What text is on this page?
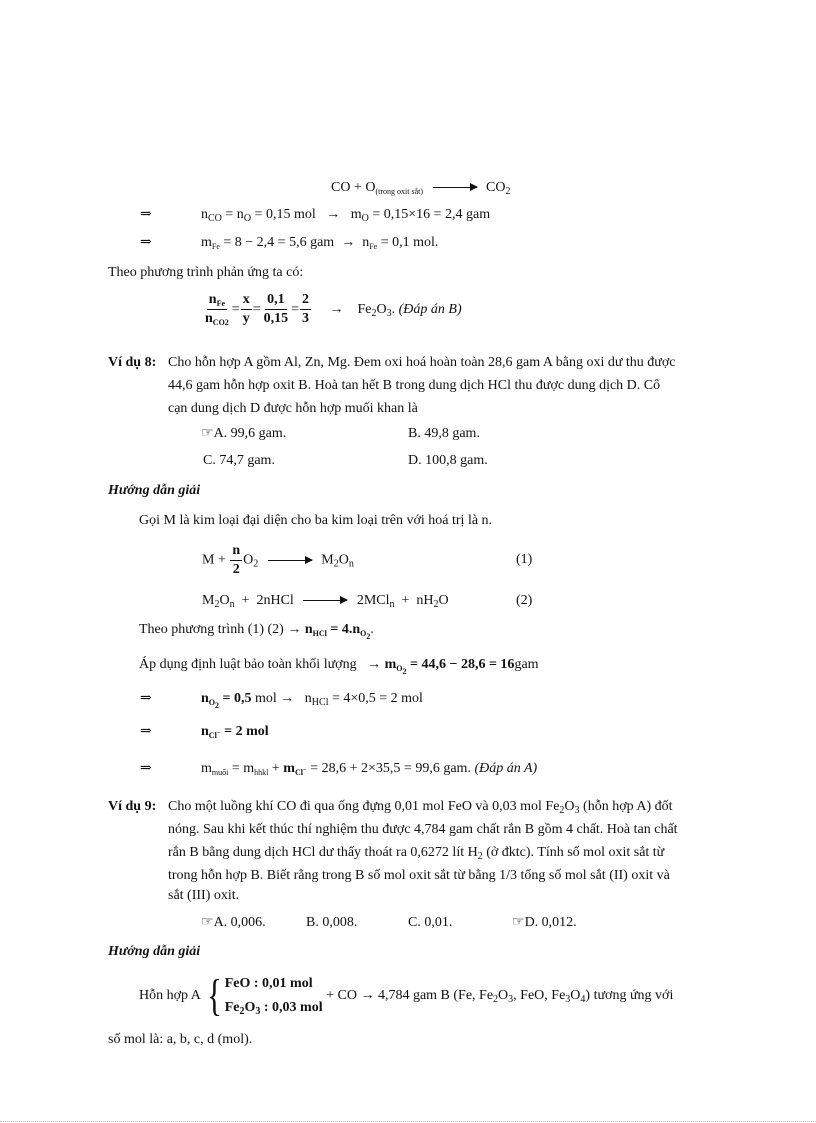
CO + $O_{(trong oxit sắt)}$	$CO_2$
⇒	$n_{CO} = n_O = 0,15$ mol   →   $m_O = 0,15\times 16 = 2,4$ gam
⇒	$m_{Fe} = 8 - 2,4 = 5,6$ gam  →  $n_{Fe} = 0,1$ mol.
Theo phương trình phản ứng ta có:
$\frac{n_{Fe}}{n_{CO2}} = \frac{x}{y} = \frac{0,1}{0,15} = \frac{2}{3}$ →    $Fe_2O_3$. (Đáp án B)
Ví dụ 8: Cho hỗn hợp A gồm Al, Zn, Mg. Đem oxi hoá hoàn toàn 28,6 gam A bằng oxi dư thu được
44,6 gam hỗn hợp oxit B. Hoà tan hết B trong dung dịch HCl thu được dung dịch D. Cô
cạn dung dịch D được hỗn hợp muối khan là
☞A. 99,6 gam.	B. 49,8 gam.
C. 74,7 gam.	D. 100,8 gam.
Hướng dẫn giải
Gọi M là kim loại đại diện cho ba kim loại trên với hoá trị là n.
$M + \frac{n}{2} O_2$	$M_2O_n$	(1)
$M_2O_n$  +  2nHCl	$2MCl_n + nH_2O$	(2)
Theo phương trình (1) $(2) \to n_{HCl} = 4.n_{O_2}$.
Áp dụng định luật bảo toàn khối lượng   → $m_{O_2} = 44,6 - 28,6 = 16gam$
⇒	$n_{O_2} = 0,5$ mol →   $n_{HCl} = 4\times 0,5 = 2$ mol
⇒	$n_{Cl^-} = 2$ mol
⇒	$m_{muối} = m_{hhkl} + m_{Cl^-} = 28,6 + 2\times 35,5 = 99,6$ gam. (Đáp án A)
Ví dụ 9: Cho một luồng khí CO đi qua ống đựng 0,01 mol FeO và 0,03 mol $Fe_2O_3$ (hỗn hợp A) đốt
nóng. Sau khi kết thúc thí nghiệm thu được 4,784 gam chất rắn B gồm 4 chất. Hoà tan chất
rắn B bằng dung dịch HCl dư thấy thoát ra 0,6272 lít $H_2$ (ở đktc). Tính số mol oxit sắt từ
trong hỗn hợp B. Biết rằng trong B số mol oxit sắt từ bằng 1/3 tổng số mol sắt (II) oxit và
sắt (III) oxit.
☞A. 0,006.	B. 0,008.	C. 0,01.	☞D. 0,012.
Hướng dẫn giải
Hỗn hợp A { FeO : 0,01 mol
$Fe_2O_3$ : 0,03 mol
+ CO → 4,784 gam B (Fe, $Fe_2O_3$, FeO, $Fe_3O_4$) tương ứng với
số mol là: a, b, c, d (mol).
